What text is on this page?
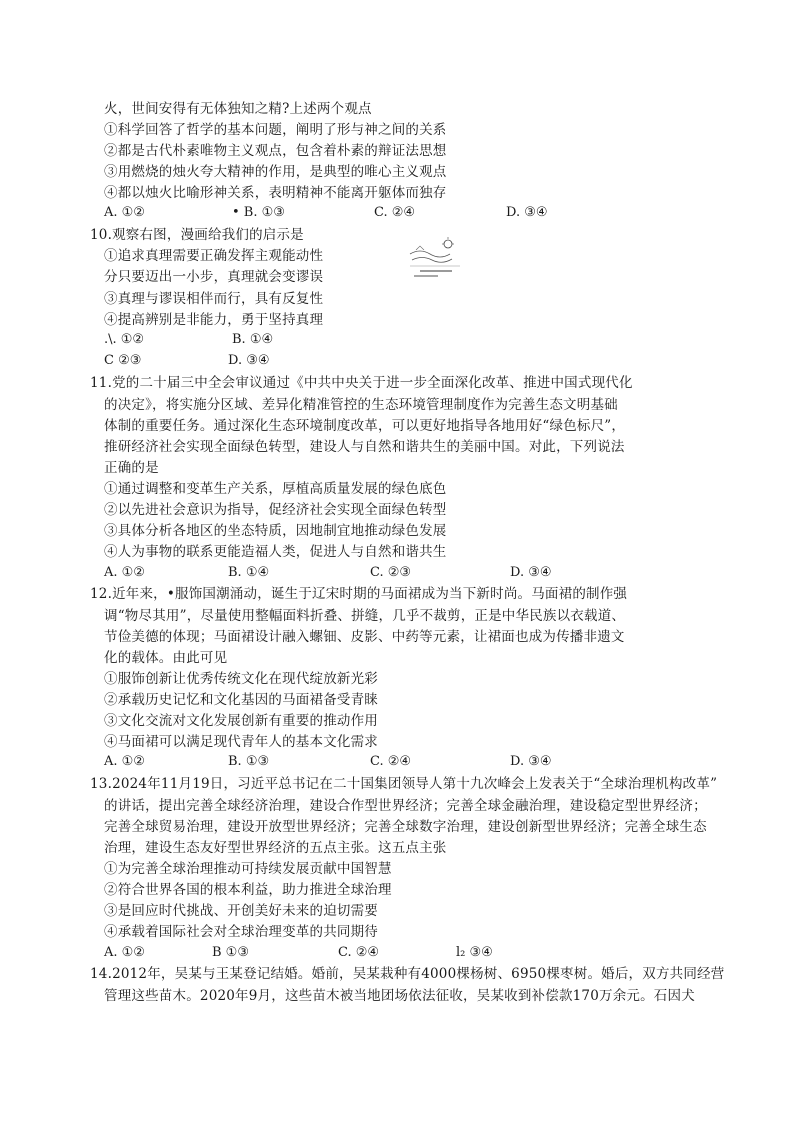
火，世间安得有无体独知之精?上述两个观点
①科学回答了哲学的基本问题，阐明了形与神之间的关系
②都是古代朴素唯物主义观点，包含着朴素的辩证法思想
③用燃烧的烛火夸大精神的作用，是典型的唯心主义观点
④都以烛火比喻形神关系，表明精神不能离开躯体而独存
A. ①②	• B. ①③	C. ②④	D. ③④
10.观察右图，漫画给我们的启示是
①追求真理需要正确发挥主观能动性
分只要迈出一小步，真理就会变谬误
③真理与谬误相伴而行，具有反复性
④提高辨别是非能力，勇于坚持真理
.\. ①②	B. ①④
C ②③	D. ③④
11.党的二十届三中全会审议通过《中共中央关于进一步全面深化改革、推进中国式现代化
的决定》，将实施分区域、差异化精准管控的生态环境管理制度作为完善生态文明基础
体制的重要任务。通过深化生态环境制度改革，可以更好地指导各地用好“绿色标尺”，
推研经济社会实现全面绿色转型，建设人与自然和谐共生的美丽中国。对此，下列说法
正确的是
①通过调整和变革生产关系，厚植高质量发展的绿色底色
②以先进社会意识为指导，促经济社会实现全面绿色转型
③具体分析各地区的坐态特质，因地制宜地推动绿色发展
④人为事物的联系更能造福人类，促进人与自然和谐共生
A. ①②	B. ①④	C. ②③	D. ③④
12.近年来，•服饰国潮涌动，诞生于辽宋时期的马面裙成为当下新时尚。马面裙的制作强
调“物尽其用”，尽量使用整幅面料折叠、拼缝，几乎不裁剪，正是中华民族以衣载道、
节俭美德的体现；马面裙设计融入螺钿、皮影、中药等元素，让裙面也成为传播非遗文
化的载体。由此可见
①服饰创新让优秀传统文化在现代绽放新光彩
②承载历史记忆和文化基因的马面裙备受青睐
③文化交流对文化发展创新有重要的推动作用
④马面裙可以满足现代青年人的基本文化需求
A. ①②	B. ①③	C. ②④	D. ③④
13.2024年11月19日，习近平总书记在二十国集团领导人第十九次峰会上发表关于“全球治理机构改革”
的讲话，提出完善全球经济治理，建设合作型世界经济；完善全球金融治理，建设稳定型世界经济；
完善全球贸易治理，建设开放型世界经济；完善全球数字治理，建设创新型世界经济；完善全球生态
治理，建设生态友好型世界经济的五点主张。这五点主张
①为完善全球治理推动可持续发展贡献中国智慧
②符合世界各国的根本利益，助力推进全球治理
③是回应时代挑战、开创美好未来的迫切需要
④承载着国际社会对全球治理变革的共同期待
A. ①②	B ①③	C. ②④	l₂ ③④
14.2012年，吴某与王某登记结婚。婚前，吴某栽种有4000棵杨树、6950棵枣树。婚后，双方共同经营
管理这些苗木。2020年9月，这些苗木被当地团场依法征收，吴某收到补偿款170万余元。石因犬
